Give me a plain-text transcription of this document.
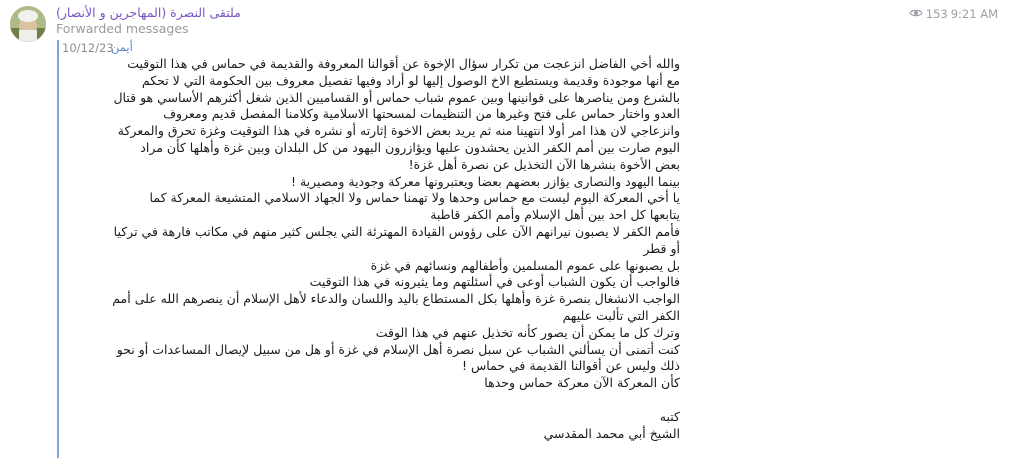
ملتقى النصرة (المهاجرين و الأنصار)
Forwarded messages
153 9:21 AM
أيمن
10/12/23
والله أخي الفاضل انزعجت من تكرار سؤال الإخوة عن أقوالنا المعروفة والقديمة في حماس في هذا التوقيت
مع أنها موجودة وقديمة ويستطيع الاخ الوصول إليها لو أراد وفيها تفصيل معروف بين الحكومة التي لا تحكم
بالشرع ومن يناصرها على قوانينها وبين عموم شباب حماس أو القساميين الذين شغل أكثرهم الأساسي هو قتال
العدو واختار حماس على فتح وغيرها من التنظيمات لمسحتها الاسلامية وكلامنا المفصل قديم ومعروف
وانزعاجي لان هذا امر أولا انتهينا منه ثم يريد بعض الاخوة إثارته أو نشره في هذا التوقيت وغزة تحرق والمعركة
اليوم صارت بين أمم الكفر الذين يحشدون عليها ويؤازرون اليهود من كل البلدان وبين غزة وأهلها كأن مراد
بعض الأخوة بنشرها الآن التخذيل عن نصرة أهل غزة!
بينما اليهود والنصارى يؤازر بعضهم بعضا ويعتبرونها معركة وجودية ومصيرية !
يا أخي المعركة اليوم ليست مع حماس وحدها ولا تهمنا حماس ولا الجهاد الاسلامي المتشيعة المعركة كما
يتابعها كل احد بين أهل الإسلام وأمم الكفر قاطبة
فأمم الكفر لا يصبون نيرانهم الآن على رؤوس القيادة المهترئة التي يجلس كثير منهم في مكاتب فارهة في تركيا
أو قطر
بل يصبونها على عموم المسلمين وأطفالهم ونسائهم في غزة
فالواجب أن يكون الشباب أوعى في أسئلتهم وما يثيرونه في هذا التوقيت
الواجب الانشغال بنصرة غزة وأهلها بكل المستطاع باليد واللسان والدعاء لأهل الإسلام أن ينصرهم الله على أمم
الكفر التي تألبت عليهم
وترك كل ما يمكن أن يصور كأنه تخذيل عنهم في هذا الوقت
كنت أتمنى أن يسألني الشباب عن سبل نصرة أهل الإسلام في غزة أو هل من سبيل لإيصال المساعدات أو نحو
ذلك وليس عن أقوالنا القديمة في حماس !
كأن المعركة الآن معركة حماس وحدها
كتبه
الشيخ أبي محمد المقدسي
